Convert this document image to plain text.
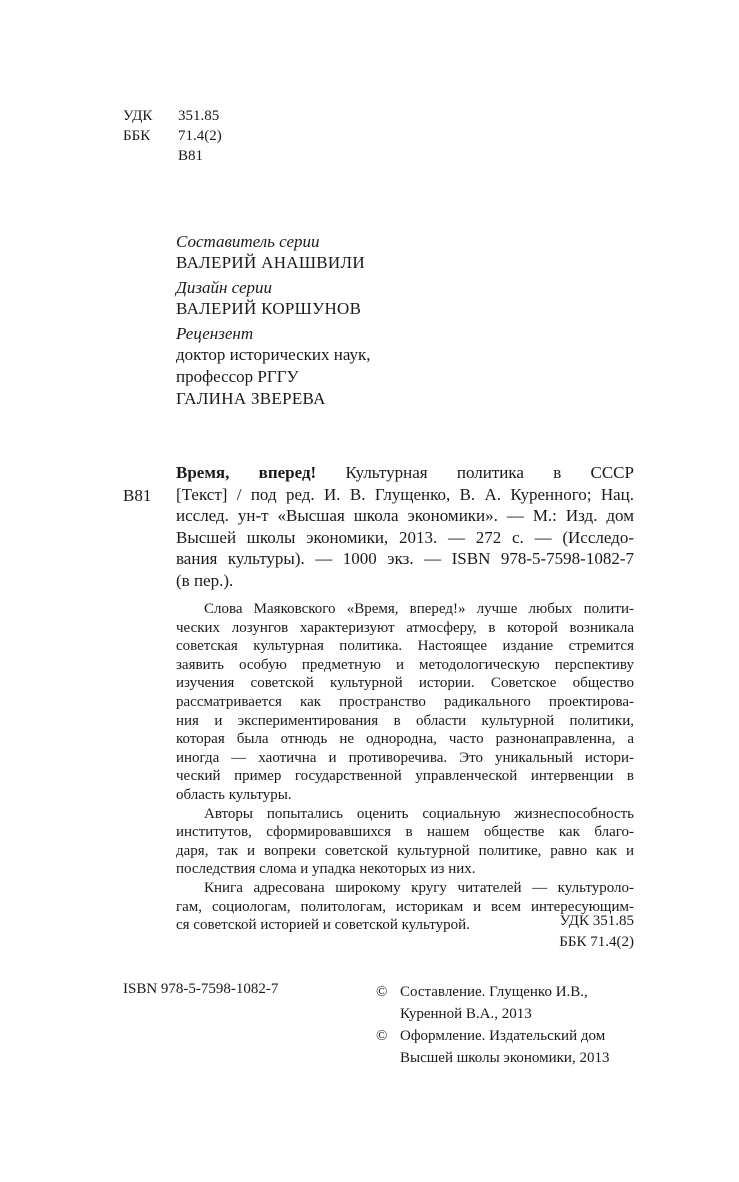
УДК 351.85
ББК 71.4(2)
В81
Составитель серии
ВАЛЕРИЙ АНАШВИЛИ
Дизайн серии
ВАЛЕРИЙ КОРШУНОВ
Рецензент
доктор исторических наук,
профессор РГГУ
ГАЛИНА ЗВЕРЕВА
В81
Время, вперед! Культурная политика в СССР
[Текст] / под ред. И. В. Глущенко, В. А. Куренного; Нац.
исслед. ун-т «Высшая школа экономики». — М.: Изд. дом
Высшей школы экономики, 2013. — 272 с. — (Исследо-
вания культуры). — 1000 экз. — ISBN 978-5-7598-1082-7
(в пер.).
Слова Маяковского «Время, вперед!» лучше любых полити-
ческих лозунгов характеризуют атмосферу, в которой возникала
советская культурная политика. Настоящее издание стремится
заявить особую предметную и методологическую перспективу
изучения советской культурной истории. Советское общество
рассматривается как пространство радикального проектирова-
ния и экспериментирования в области культурной политики,
которая была отнюдь не однородна, часто разнонаправленна, а
иногда — хаотична и противоречива. Это уникальный истори-
ческий пример государственной управленческой интервенции в
область культуры.
Авторы попытались оценить социальную жизнеспособность
институтов, сформировавшихся в нашем обществе как благо-
даря, так и вопреки советской культурной политике, равно как и
последствия слома и упадка некоторых из них.
Книга адресована широкому кругу читателей — культуроло-
гам, социологам, политологам, историкам и всем интересующим-
ся советской историей и советской культурой.	УДК 351.85
ББК 71.4(2)
ISBN 978-5-7598-1082-7	© Составление. Глущенко И.В.,
Куренной В.А., 2013
© Оформление. Издательский дом
Высшей школы экономики, 2013
